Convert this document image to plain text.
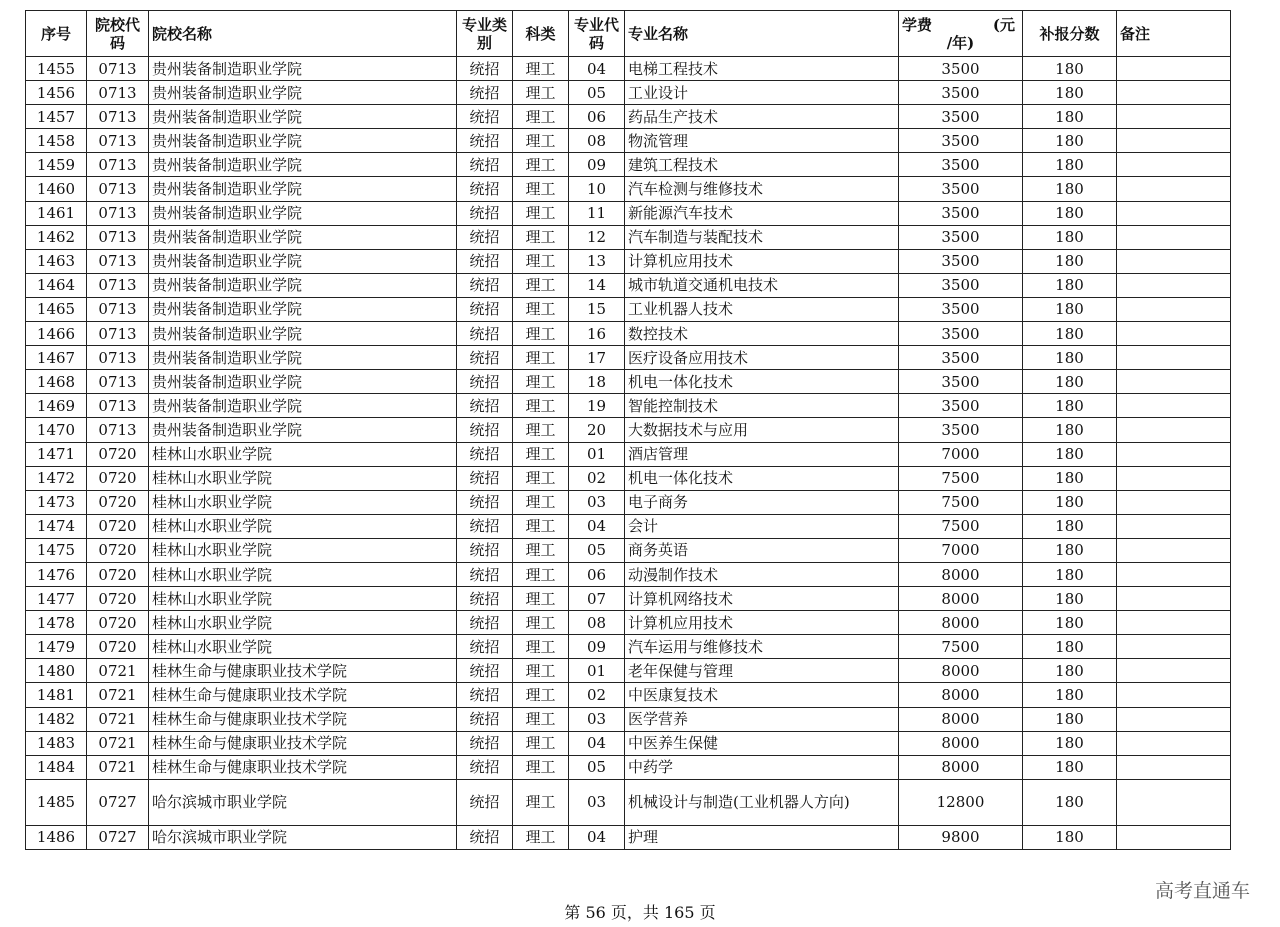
序号	院校代码	院校名称	专业类别	科类	专业代码	专业名称	学费 (元
/年)	补报分数	备注
1455	0713	贵州装备制造职业学院	统招	理工	04	电梯工程技术	3500	180	
1456	0713	贵州装备制造职业学院	统招	理工	05	工业设计	3500	180	
1457	0713	贵州装备制造职业学院	统招	理工	06	药品生产技术	3500	180	
1458	0713	贵州装备制造职业学院	统招	理工	08	物流管理	3500	180	
1459	0713	贵州装备制造职业学院	统招	理工	09	建筑工程技术	3500	180	
1460	0713	贵州装备制造职业学院	统招	理工	10	汽车检测与维修技术	3500	180	
1461	0713	贵州装备制造职业学院	统招	理工	11	新能源汽车技术	3500	180	
1462	0713	贵州装备制造职业学院	统招	理工	12	汽车制造与装配技术	3500	180	
1463	0713	贵州装备制造职业学院	统招	理工	13	计算机应用技术	3500	180	
1464	0713	贵州装备制造职业学院	统招	理工	14	城市轨道交通机电技术	3500	180	
1465	0713	贵州装备制造职业学院	统招	理工	15	工业机器人技术	3500	180	
1466	0713	贵州装备制造职业学院	统招	理工	16	数控技术	3500	180	
1467	0713	贵州装备制造职业学院	统招	理工	17	医疗设备应用技术	3500	180	
1468	0713	贵州装备制造职业学院	统招	理工	18	机电一体化技术	3500	180	
1469	0713	贵州装备制造职业学院	统招	理工	19	智能控制技术	3500	180	
1470	0713	贵州装备制造职业学院	统招	理工	20	大数据技术与应用	3500	180	
1471	0720	桂林山水职业学院	统招	理工	01	酒店管理	7000	180	
1472	0720	桂林山水职业学院	统招	理工	02	机电一体化技术	7500	180	
1473	0720	桂林山水职业学院	统招	理工	03	电子商务	7500	180	
1474	0720	桂林山水职业学院	统招	理工	04	会计	7500	180	
1475	0720	桂林山水职业学院	统招	理工	05	商务英语	7000	180	
1476	0720	桂林山水职业学院	统招	理工	06	动漫制作技术	8000	180	
1477	0720	桂林山水职业学院	统招	理工	07	计算机网络技术	8000	180	
1478	0720	桂林山水职业学院	统招	理工	08	计算机应用技术	8000	180	
1479	0720	桂林山水职业学院	统招	理工	09	汽车运用与维修技术	7500	180	
1480	0721	桂林生命与健康职业技术学院	统招	理工	01	老年保健与管理	8000	180	
1481	0721	桂林生命与健康职业技术学院	统招	理工	02	中医康复技术	8000	180	
1482	0721	桂林生命与健康职业技术学院	统招	理工	03	医学营养	8000	180	
1483	0721	桂林生命与健康职业技术学院	统招	理工	04	中医养生保健	8000	180	
1484	0721	桂林生命与健康职业技术学院	统招	理工	05	中药学	8000	180	
1485	0727	哈尔滨城市职业学院	统招	理工	03	机械设计与制造(工业机器人方向)	12800	180	
1486	0727	哈尔滨城市职业学院	统招	理工	04	护理	9800	180	
第 56 页，共 165 页
高考直通车
